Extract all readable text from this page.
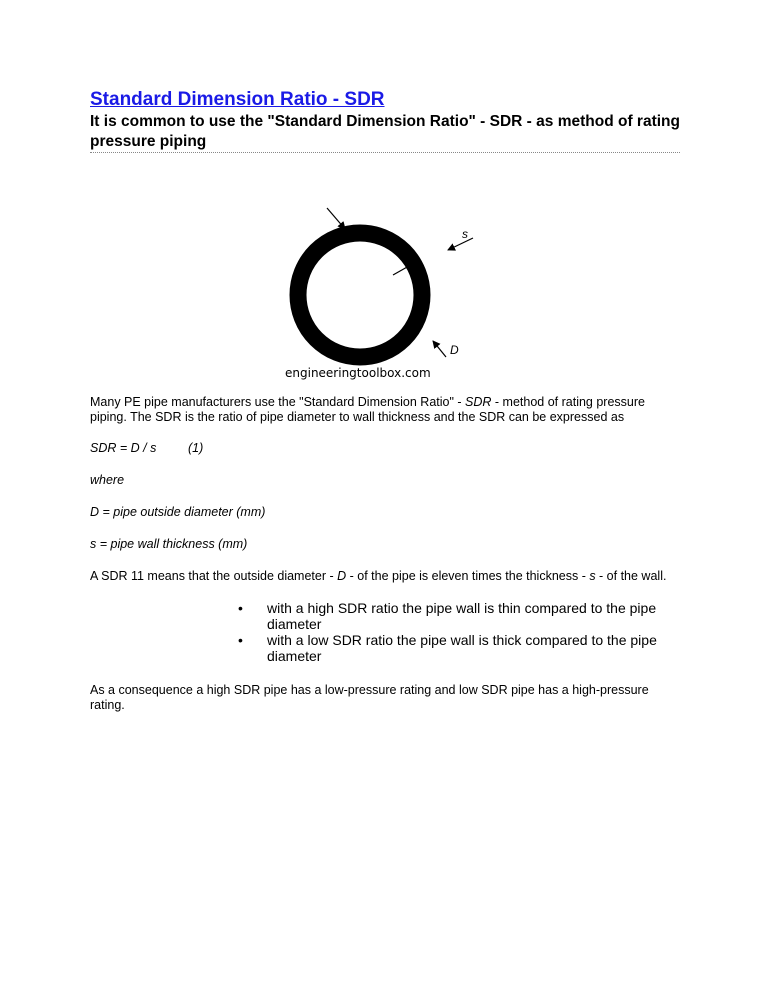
Standard Dimension Ratio - SDR

It is common to use the "Standard Dimension Ratio" - SDR - as method of rating pressure piping

s
D
engineeringtoolbox.com

Many PE pipe manufacturers use the "Standard Dimension Ratio" - SDR - method of rating pressure piping. The SDR is the ratio of pipe diameter to wall thickness and the SDR can be expressed as

SDR = D / s	(1)

where

D = pipe outside diameter (mm)

s = pipe wall thickness (mm)

A SDR 11 means that the outside diameter - D - of the pipe is eleven times the thickness - s - of the wall.

• with a high SDR ratio the pipe wall is thin compared to the pipe diameter
• with a low SDR ratio the pipe wall is thick compared to the pipe diameter

As a consequence a high SDR pipe has a low-pressure rating and low SDR pipe has a high-pressure rating.
